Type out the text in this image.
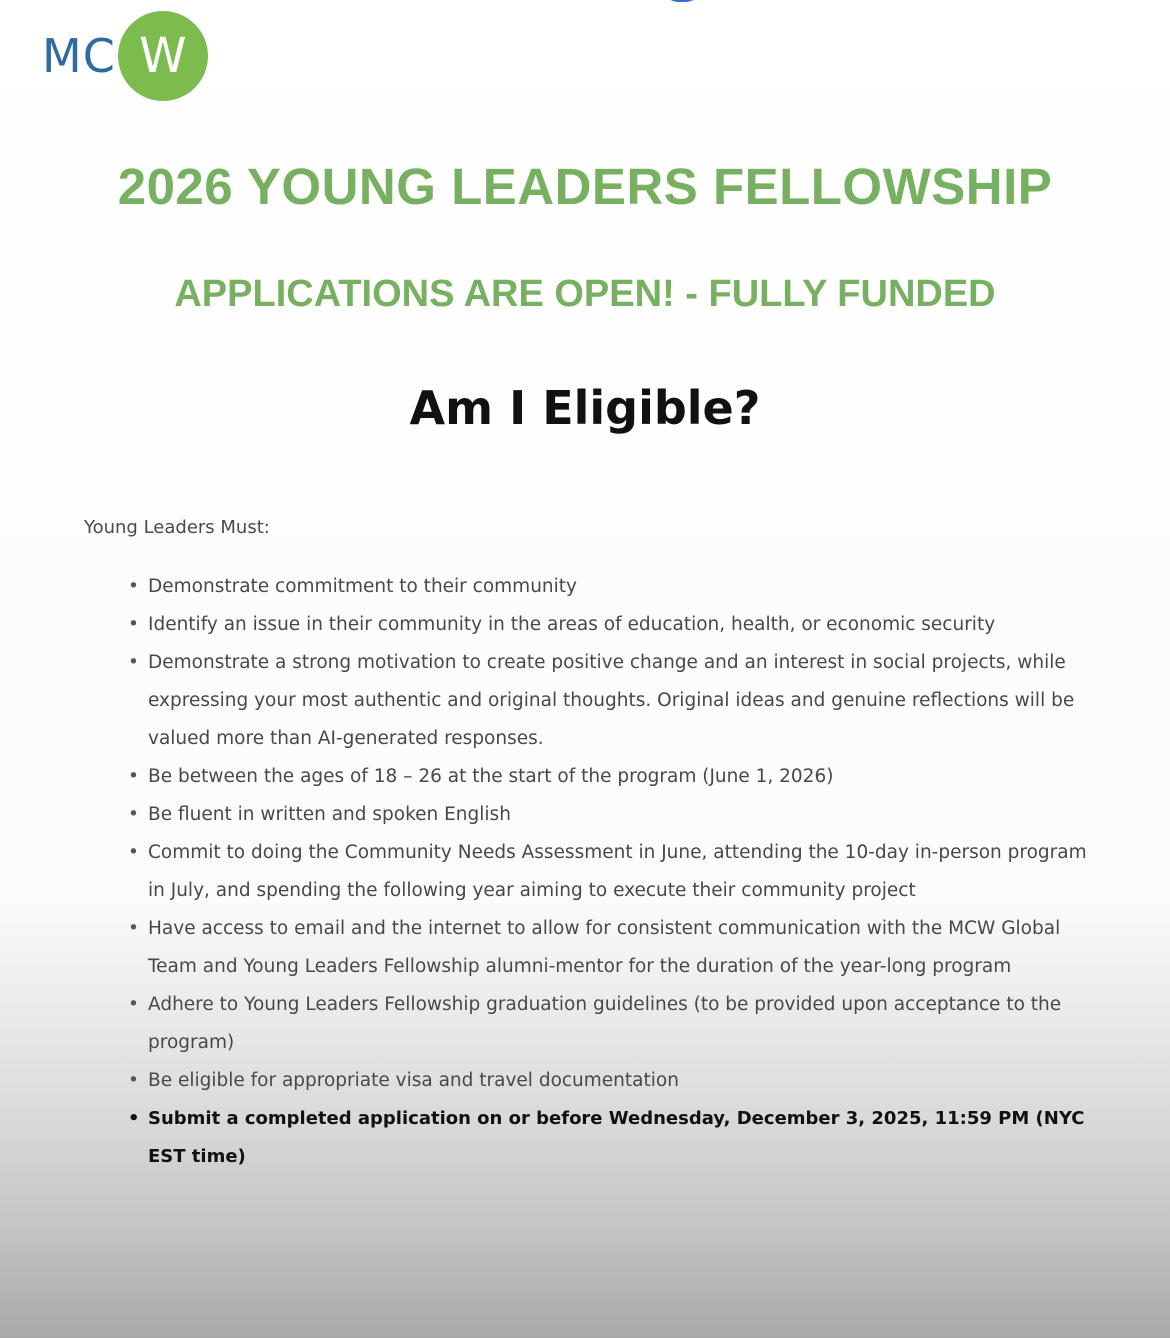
MC W
2026 YOUNG LEADERS FELLOWSHIP
APPLICATIONS ARE OPEN! - FULLY FUNDED
Am I Eligible?
Young Leaders Must:
• Demonstrate commitment to their community
• Identify an issue in their community in the areas of education, health, or economic security
• Demonstrate a strong motivation to create positive change and an interest in social projects, while expressing your most authentic and original thoughts. Original ideas and genuine reflections will be valued more than AI-generated responses.
• Be between the ages of 18 – 26 at the start of the program (June 1, 2026)
• Be fluent in written and spoken English
• Commit to doing the Community Needs Assessment in June, attending the 10-day in-person program in July, and spending the following year aiming to execute their community project
• Have access to email and the internet to allow for consistent communication with the MCW Global Team and Young Leaders Fellowship alumni-mentor for the duration of the year-long program
• Adhere to Young Leaders Fellowship graduation guidelines (to be provided upon acceptance to the program)
• Be eligible for appropriate visa and travel documentation
• Submit a completed application on or before Wednesday, December 3, 2025, 11:59 PM (NYC EST time)
